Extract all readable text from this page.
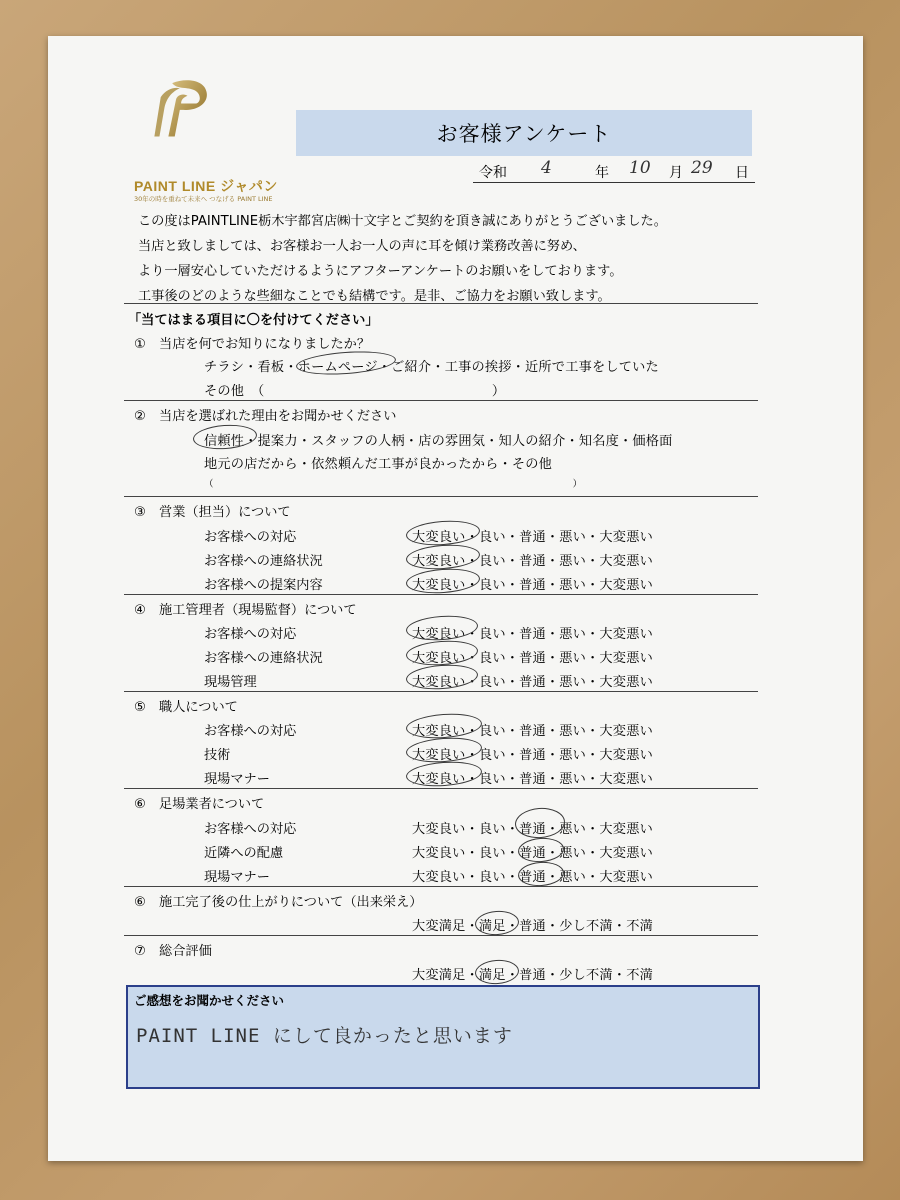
PAINT LINE ジャパン
30年の時を重ねて未来へ つなげる PAINT LINE
お客様アンケート
令和 4	年 10 月 29 日
この度はPAINTLINE栃木宇都宮店㈱十文字とご契約を頂き誠にありがとうございました。
当店と致しましては、お客様お一人お一人の声に耳を傾け業務改善に努め、
より一層安心していただけるようにアフターアンケートのお願いをしております。
工事後のどのような些細なことでも結構です。是非、ご協力をお願い致します。
「当てはまる項目に〇を付けてください」
①　当店を何でお知りになりましたか？
チラシ・看板・ホームページ・ご紹介・工事の挨拶・近所で工事をしていた
その他　（　　　　　　　　　　　　　　　　　）
②　当店を選ばれた理由をお聞かせください
信頼性・提案力・スタッフの人柄・店の雰囲気・知人の紹介・知名度・価格面
地元の店だから・依然頼んだ工事が良かったから・その他
（　　　　　　　　　　　　　　　　　　　　　　　　　　　　　　　　　　　　　）
③　営業（担当）について
お客様への対応	大変良い・良い・普通・悪い・大変悪い
お客様への連絡状況	大変良い・良い・普通・悪い・大変悪い
お客様への提案内容	大変良い・良い・普通・悪い・大変悪い
④　施工管理者（現場監督）について
お客様への対応	大変良い・良い・普通・悪い・大変悪い
お客様への連絡状況	大変良い・良い・普通・悪い・大変悪い
現場管理	大変良い・良い・普通・悪い・大変悪い
⑤　職人について
お客様への対応	大変良い・良い・普通・悪い・大変悪い
技術	大変良い・良い・普通・悪い・大変悪い
現場マナー	大変良い・良い・普通・悪い・大変悪い
⑥　足場業者について
お客様への対応	大変良い・良い・普通・悪い・大変悪い
近隣への配慮	大変良い・良い・普通・悪い・大変悪い
現場マナー	大変良い・良い・普通・悪い・大変悪い
⑥　施工完了後の仕上がりについて（出来栄え）
大変満足・満足・普通・少し不満・不満
⑦　総合評価
大変満足・満足・普通・少し不満・不満
ご感想をお聞かせください
PAINT LINE にして良かったと思います
